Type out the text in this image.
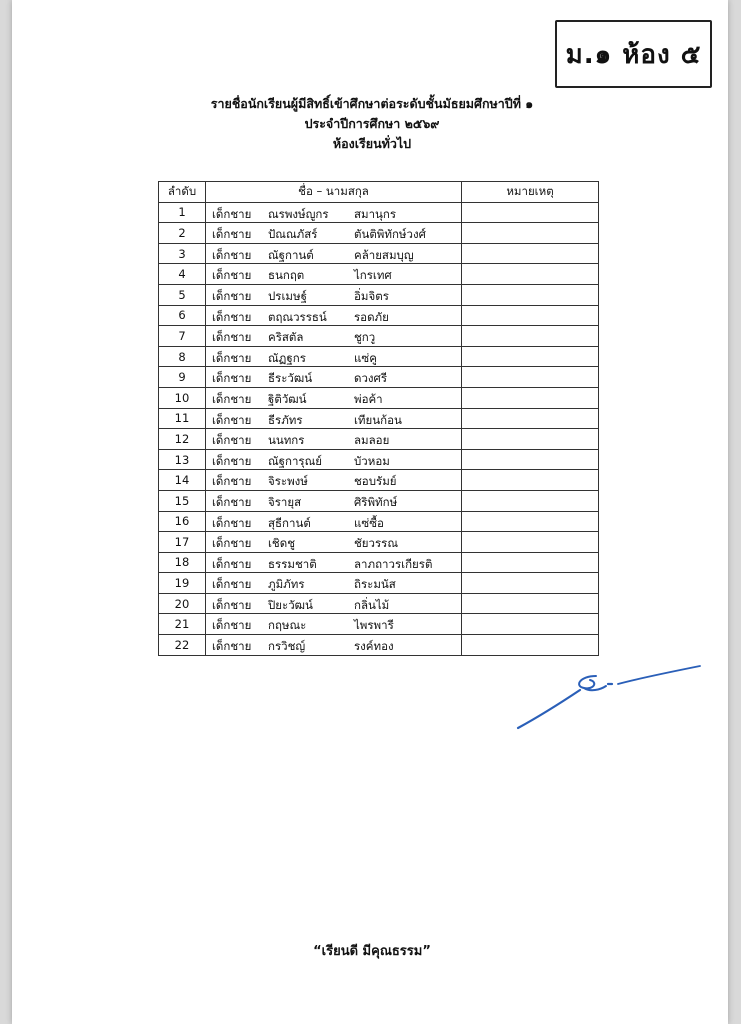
ม.๑ ห้อง ๕
รายชื่อนักเรียนผู้มีสิทธิ์เข้าศึกษาต่อระดับชั้นมัธยมศึกษาปีที่ ๑
ประจำปีการศึกษา ๒๕๖๙
ห้องเรียนทั่วไป
ลำดับ	ชื่อ – นามสกุล	หมายเหตุ
1	เด็กชาย ณรพงษ์ญูกร สมานุกร	

2	เด็กชาย ปัณณภัสร์ ตันติพิทักษ์วงศ์	

3	เด็กชาย ณัฐกานต์ คล้ายสมบุญ	

4	เด็กชาย ธนกฤต ไกรเทศ	

5	เด็กชาย ปรเมษฐ์ อิ่มจิตร	

6	เด็กชาย ตฤณวรรธน์ รอดภัย	

7	เด็กชาย คริสตัล ชูกวู	

8	เด็กชาย ณัฏฐกร แซ่คู	

9	เด็กชาย ธีระวัฒน์ ดวงศรี	

10	เด็กชาย ฐิติวัฒน์ พ่อค้า	

11	เด็กชาย ธีรภัทร เทียนก้อน	

12	เด็กชาย นนทกร ลมลอย	

13	เด็กชาย ณัฐการุณย์ บัวหอม	

14	เด็กชาย จิระพงษ์ ชอบรัมย์	

15	เด็กชาย จิรายุส ศิริพิทักษ์	

16	เด็กชาย สุธีกานต์ แซ่ซื้อ	

17	เด็กชาย เชิดชู ชัยวรรณ	

18	เด็กชาย ธรรมชาติ ลาภถาวรเกียรติ	

19	เด็กชาย ภูมิภัทร ถิระมนัส	

20	เด็กชาย ปิยะวัฒน์ กลิ่นไม้	

21	เด็กชาย กฤษณะ ไพรพารี	

22	เด็กชาย กรวิชญ์ รงค์ทอง	

“เรียนดี มีคุณธรรม”
